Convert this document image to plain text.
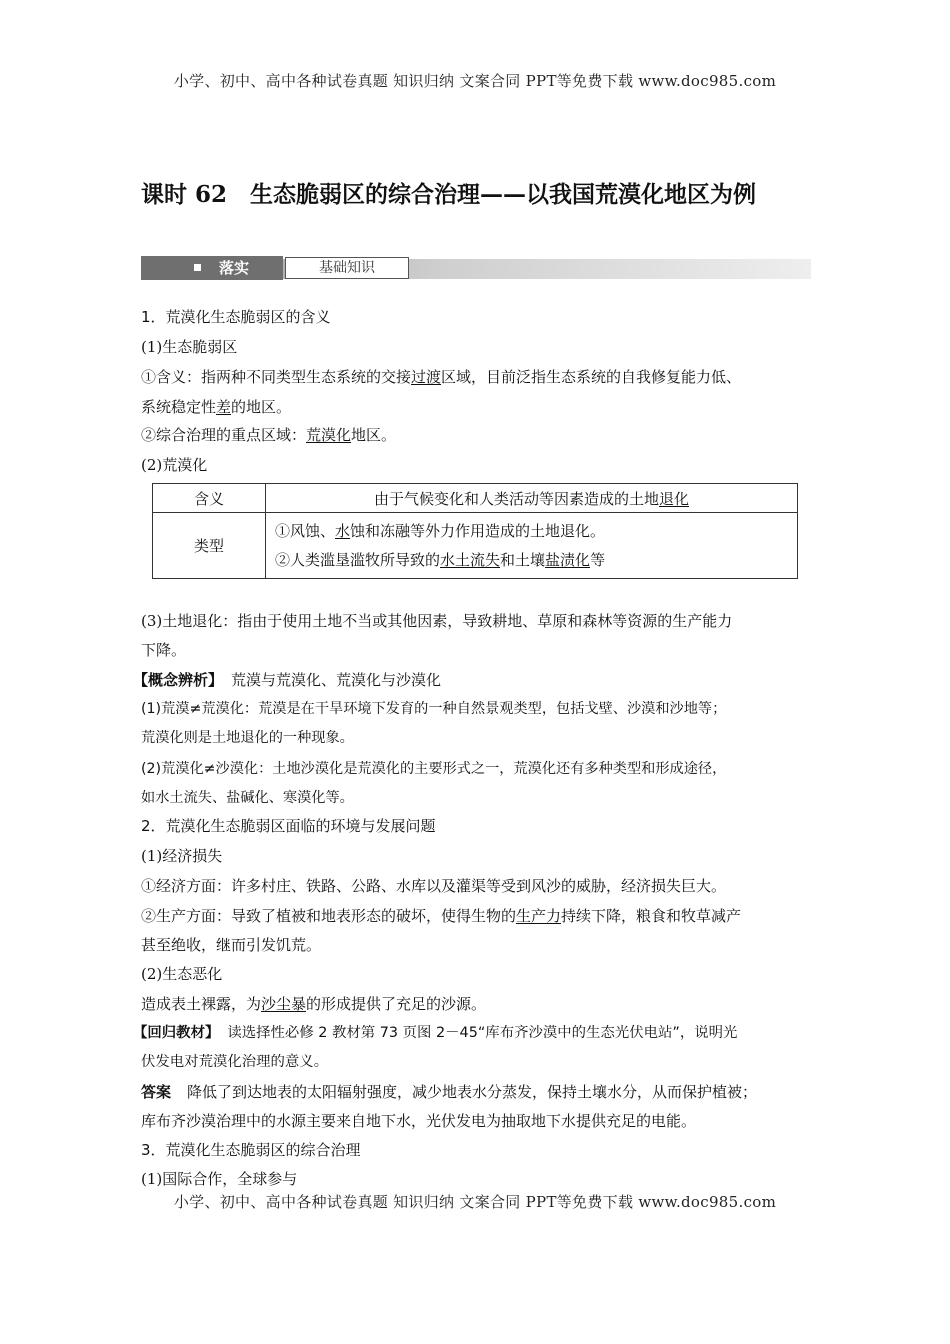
小学、初中、高中各种试卷真题 知识归纳 文案合同 PPT等免费下载 www.doc985.com
课时 62　生态脆弱区的综合治理——以我国荒漠化地区为例
落实	基础知识
1．荒漠化生态脆弱区的含义
(1)生态脆弱区
①含义：指两种不同类型生态系统的交接过渡区域，目前泛指生态系统的自我修复能力低、
系统稳定性差的地区。
②综合治理的重点区域：荒漠化地区。
(2)荒漠化
含义	由于气候变化和人类活动等因素造成的土地退化
类型	①风蚀、水蚀和冻融等外力作用造成的土地退化。
②人类滥垦滥牧所导致的水土流失和土壤盐渍化等
(3)土地退化：指由于使用土地不当或其他因素，导致耕地、草原和森林等资源的生产能力
下降。
【概念辨析】 荒漠与荒漠化、荒漠化与沙漠化
(1)荒漠≠荒漠化：荒漠是在干旱环境下发育的一种自然景观类型，包括戈壁、沙漠和沙地等；
荒漠化则是土地退化的一种现象。
(2)荒漠化≠沙漠化：土地沙漠化是荒漠化的主要形式之一，荒漠化还有多种类型和形成途径，
如水土流失、盐碱化、寒漠化等。
2．荒漠化生态脆弱区面临的环境与发展问题
(1)经济损失
①经济方面：许多村庄、铁路、公路、水库以及灌渠等受到风沙的威胁，经济损失巨大。
②生产方面：导致了植被和地表形态的破坏，使得生物的生产力持续下降，粮食和牧草减产
甚至绝收，继而引发饥荒。
(2)生态恶化
造成表土裸露，为沙尘暴的形成提供了充足的沙源。
【回归教材】 读选择性必修 2 教材第 73 页图 2－45“库布齐沙漠中的生态光伏电站”，说明光
伏发电对荒漠化治理的意义。
答案 降低了到达地表的太阳辐射强度，减少地表水分蒸发，保持土壤水分，从而保护植被；
库布齐沙漠治理中的水源主要来自地下水，光伏发电为抽取地下水提供充足的电能。
3．荒漠化生态脆弱区的综合治理
(1)国际合作，全球参与
小学、初中、高中各种试卷真题 知识归纳 文案合同 PPT等免费下载 www.doc985.com
